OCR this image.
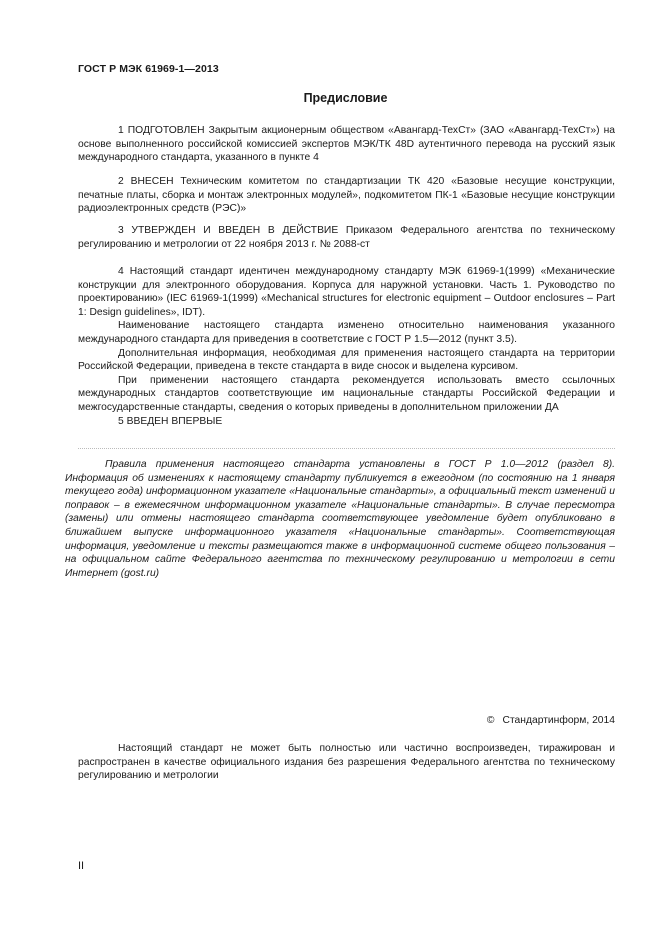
ГОСТ Р МЭК 61969-1—2013
Предисловие

1 ПОДГОТОВЛЕН Закрытым акционерным обществом «Авангард-ТехСт» (ЗАО «Авангард-ТехСт») на основе выполненного российской комиссией экспертов МЭК/ТК 48D аутентичного перевода на русский язык международного стандарта, указанного в пункте 4

2 ВНЕСЕН Техническим комитетом по стандартизации ТК 420 «Базовые несущие конструкции, печатные платы, сборка и монтаж электронных модулей», подкомитетом ПК-1 «Базовые несущие конструкции радиоэлектронных средств (РЭС)»

3 УТВЕРЖДЕН И ВВЕДЕН В ДЕЙСТВИЕ Приказом Федерального агентства по техническому регулированию и метрологии от 22 ноября 2013 г. № 2088-ст

4 Настоящий стандарт идентичен международному стандарту МЭК 61969-1(1999) «Механические конструкции для электронного оборудования. Корпуса для наружной установки. Часть 1. Руководство по проектированию» (IEC 61969-1(1999) «Mechanical structures for electronic equipment – Outdoor enclosures – Part 1: Design guidelines», IDT).

Наименование настоящего стандарта изменено относительно наименования указанного международного стандарта для приведения в соответствие с ГОСТ Р 1.5—2012 (пункт 3.5).

Дополнительная информация, необходимая для применения настоящего стандарта на территории Российской Федерации, приведена в тексте стандарта в виде сносок и выделена курсивом.

При применении настоящего стандарта рекомендуется использовать вместо ссылочных международных стандартов соответствующие им национальные стандарты Российской Федерации и межгосударственные стандарты, сведения о которых приведены в дополнительном приложении ДА

5 ВВЕДЕН ВПЕРВЫЕ

Правила применения настоящего стандарта установлены в ГОСТ Р 1.0—2012 (раздел 8). Информация об изменениях к настоящему стандарту публикуется в ежегодном (по состоянию на 1 января текущего года) информационном указателе «Национальные стандарты», а официальный текст изменений и поправок – в ежемесячном информационном указателе «Национальные стандарты». В случае пересмотра (замены) или отмены настоящего стандарта соответствующее уведомление будет опубликовано в ближайшем выпуске информационного указателя «Национальные стандарты». Соответствующая информация, уведомление и тексты размещаются также в информационной системе общего пользования – на официальном сайте Федерального агентства по техническому регулированию и метрологии в сети Интернет (gost.ru)

© Стандартинформ, 2014

Настоящий стандарт не может быть полностью или частично воспроизведен, тиражирован и распространен в качестве официального издания без разрешения Федерального агентства по техническому регулированию и метрологии

II
